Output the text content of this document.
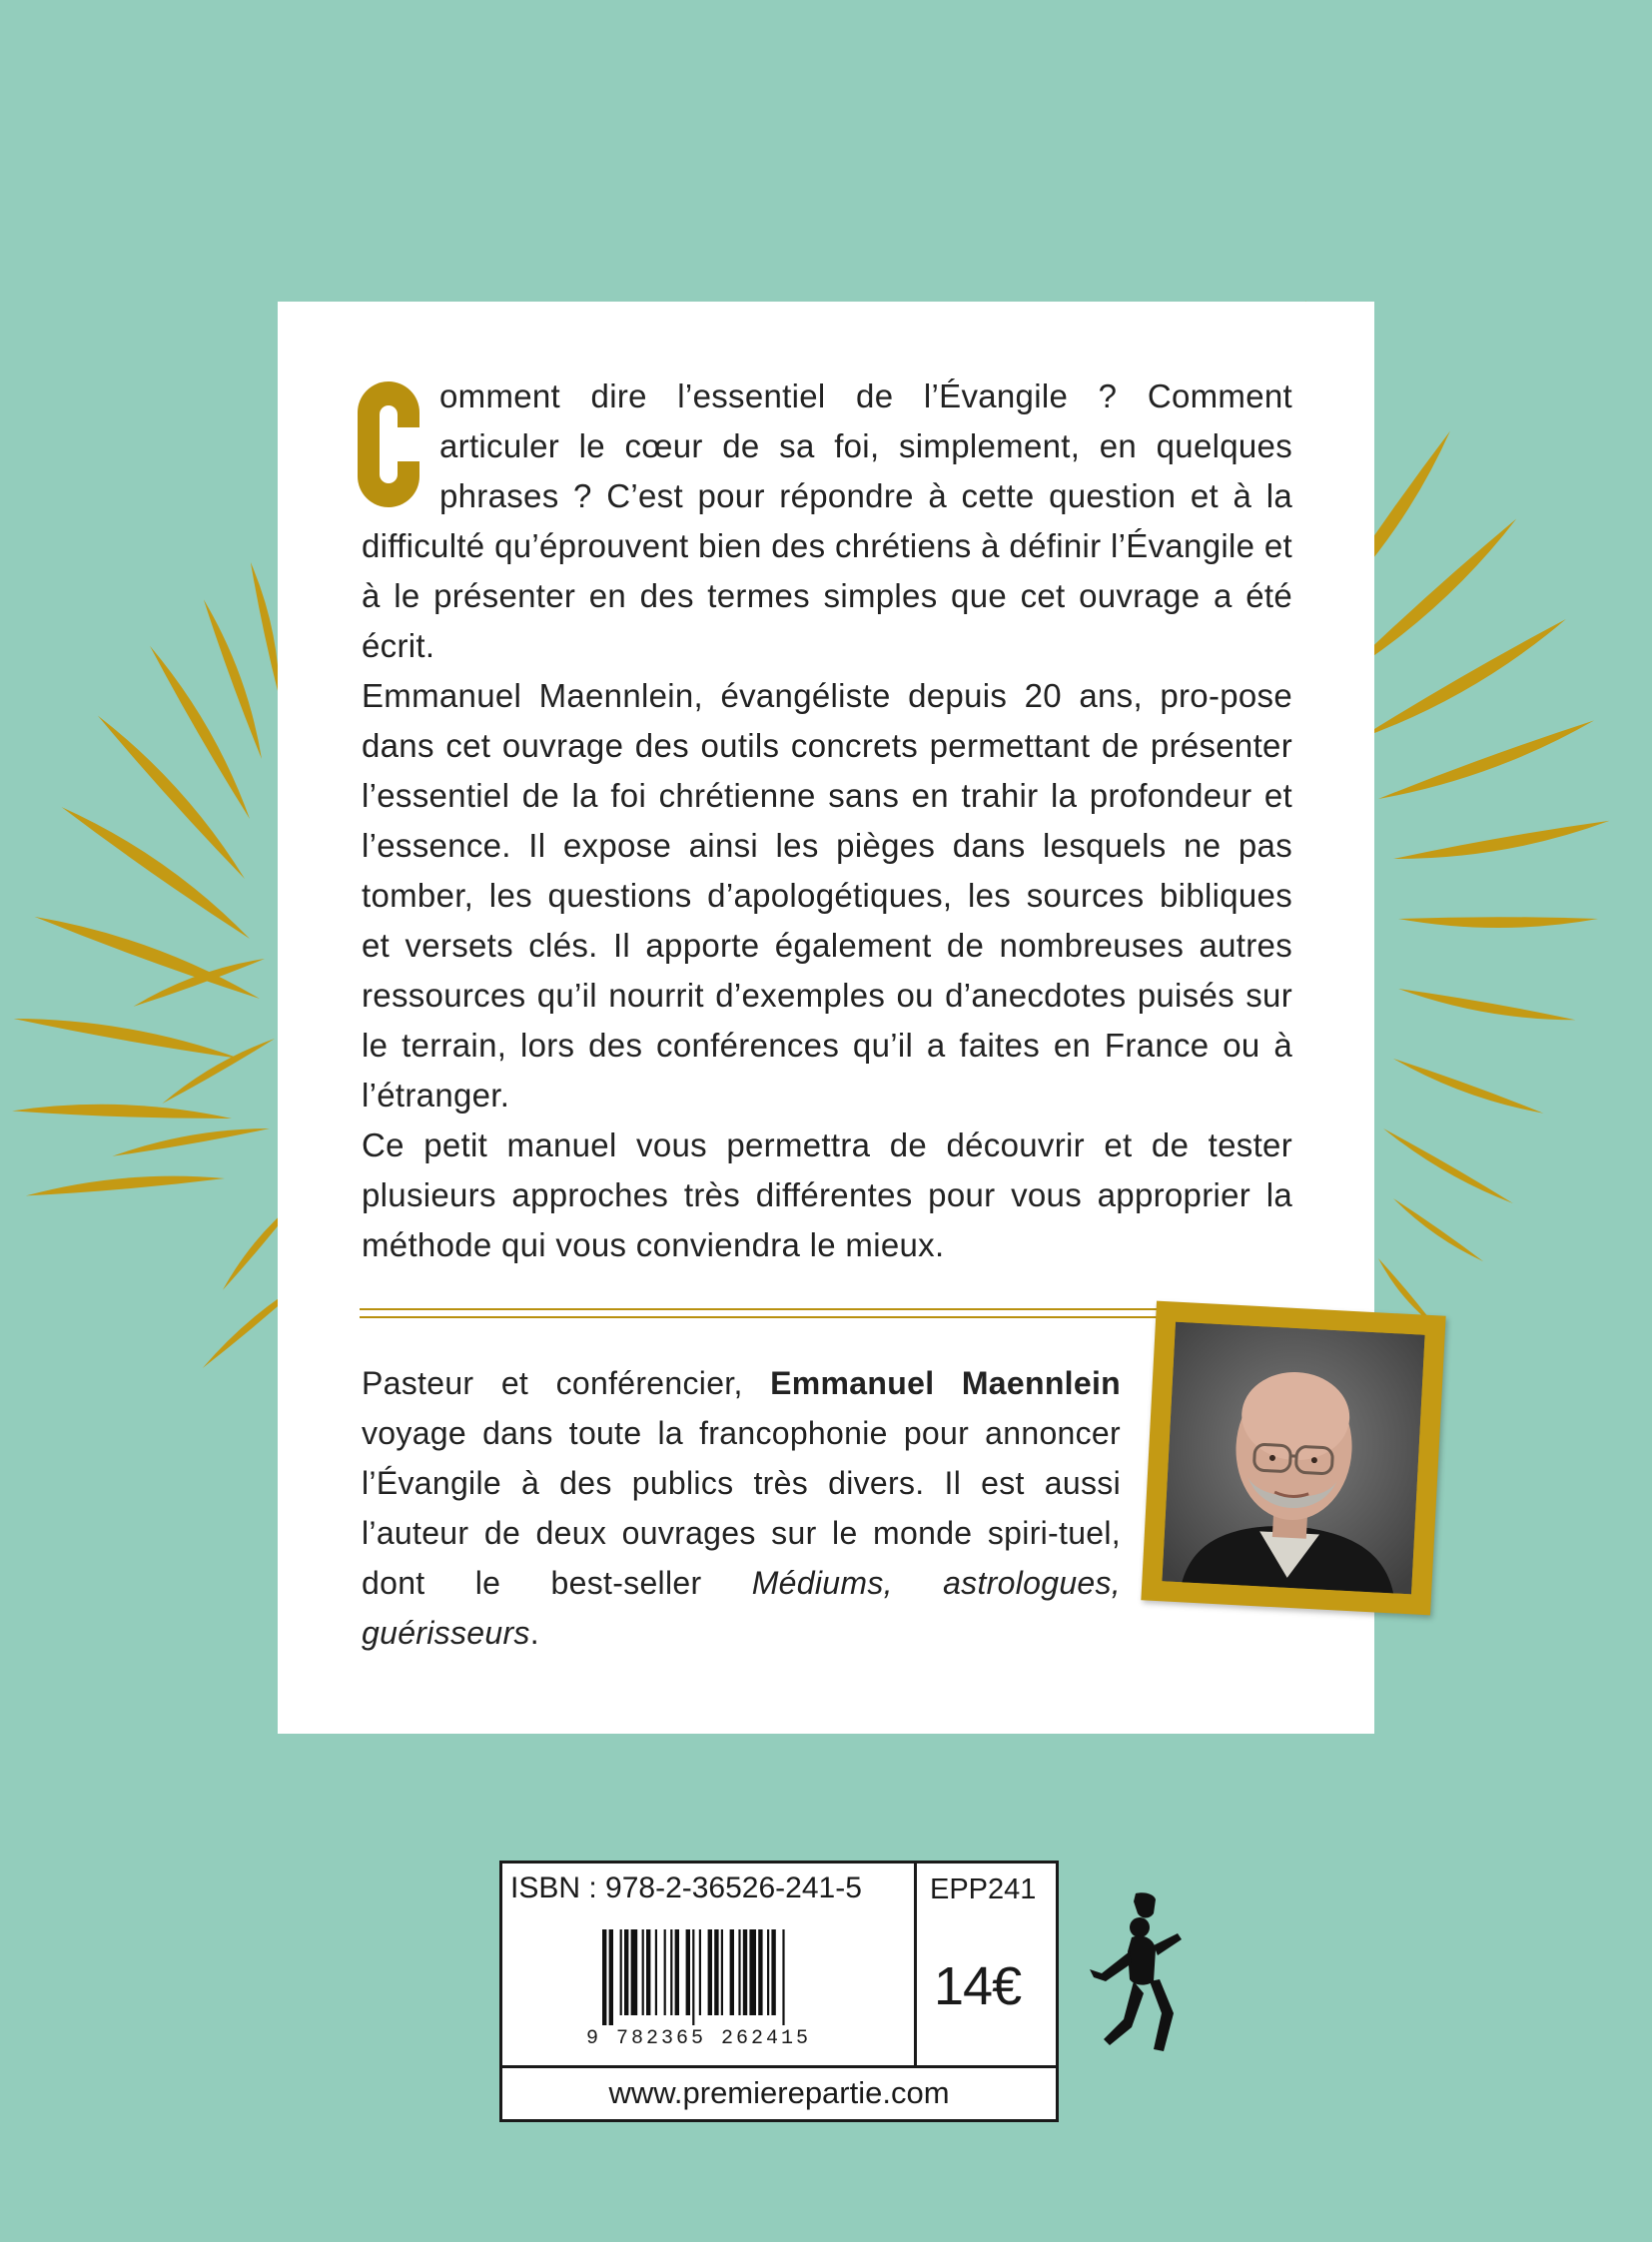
omment dire l’essentiel de l’Évangile ? Comment articuler le cœur de sa foi, simplement, en quelques phrases ? C’est pour répondre à cette question et à la difficulté qu’éprouvent bien des chrétiens à définir l’Évangile et à le présenter en des termes simples que cet ouvrage a été écrit.

Emmanuel Maennlein, évangéliste depuis 20 ans, pro-pose dans cet ouvrage des outils concrets permettant de présenter l’essentiel de la foi chrétienne sans en trahir la profondeur et l’essence. Il expose ainsi les pièges dans lesquels ne pas tomber, les questions d’apologétiques, les sources bibliques et versets clés. Il apporte également de nombreuses autres ressources qu’il nourrit d’exemples ou d’anecdotes puisés sur le terrain, lors des conférences qu’il a faites en France ou à l’étranger.

Ce petit manuel vous permettra de découvrir et de tester plusieurs approches très différentes pour vous approprier la méthode qui vous conviendra le mieux.

Pasteur et conférencier, Emmanuel Maennlein voyage dans toute la francophonie pour annoncer l’Évangile à des publics très divers. Il est aussi l’auteur de deux ouvrages sur le monde spiri-tuel, dont le best-seller Médiums, astrologues, guérisseurs.
ISBN : 978-2-36526-241-5
9 782365 262415
EPP241
14€
www.premierepartie.com
